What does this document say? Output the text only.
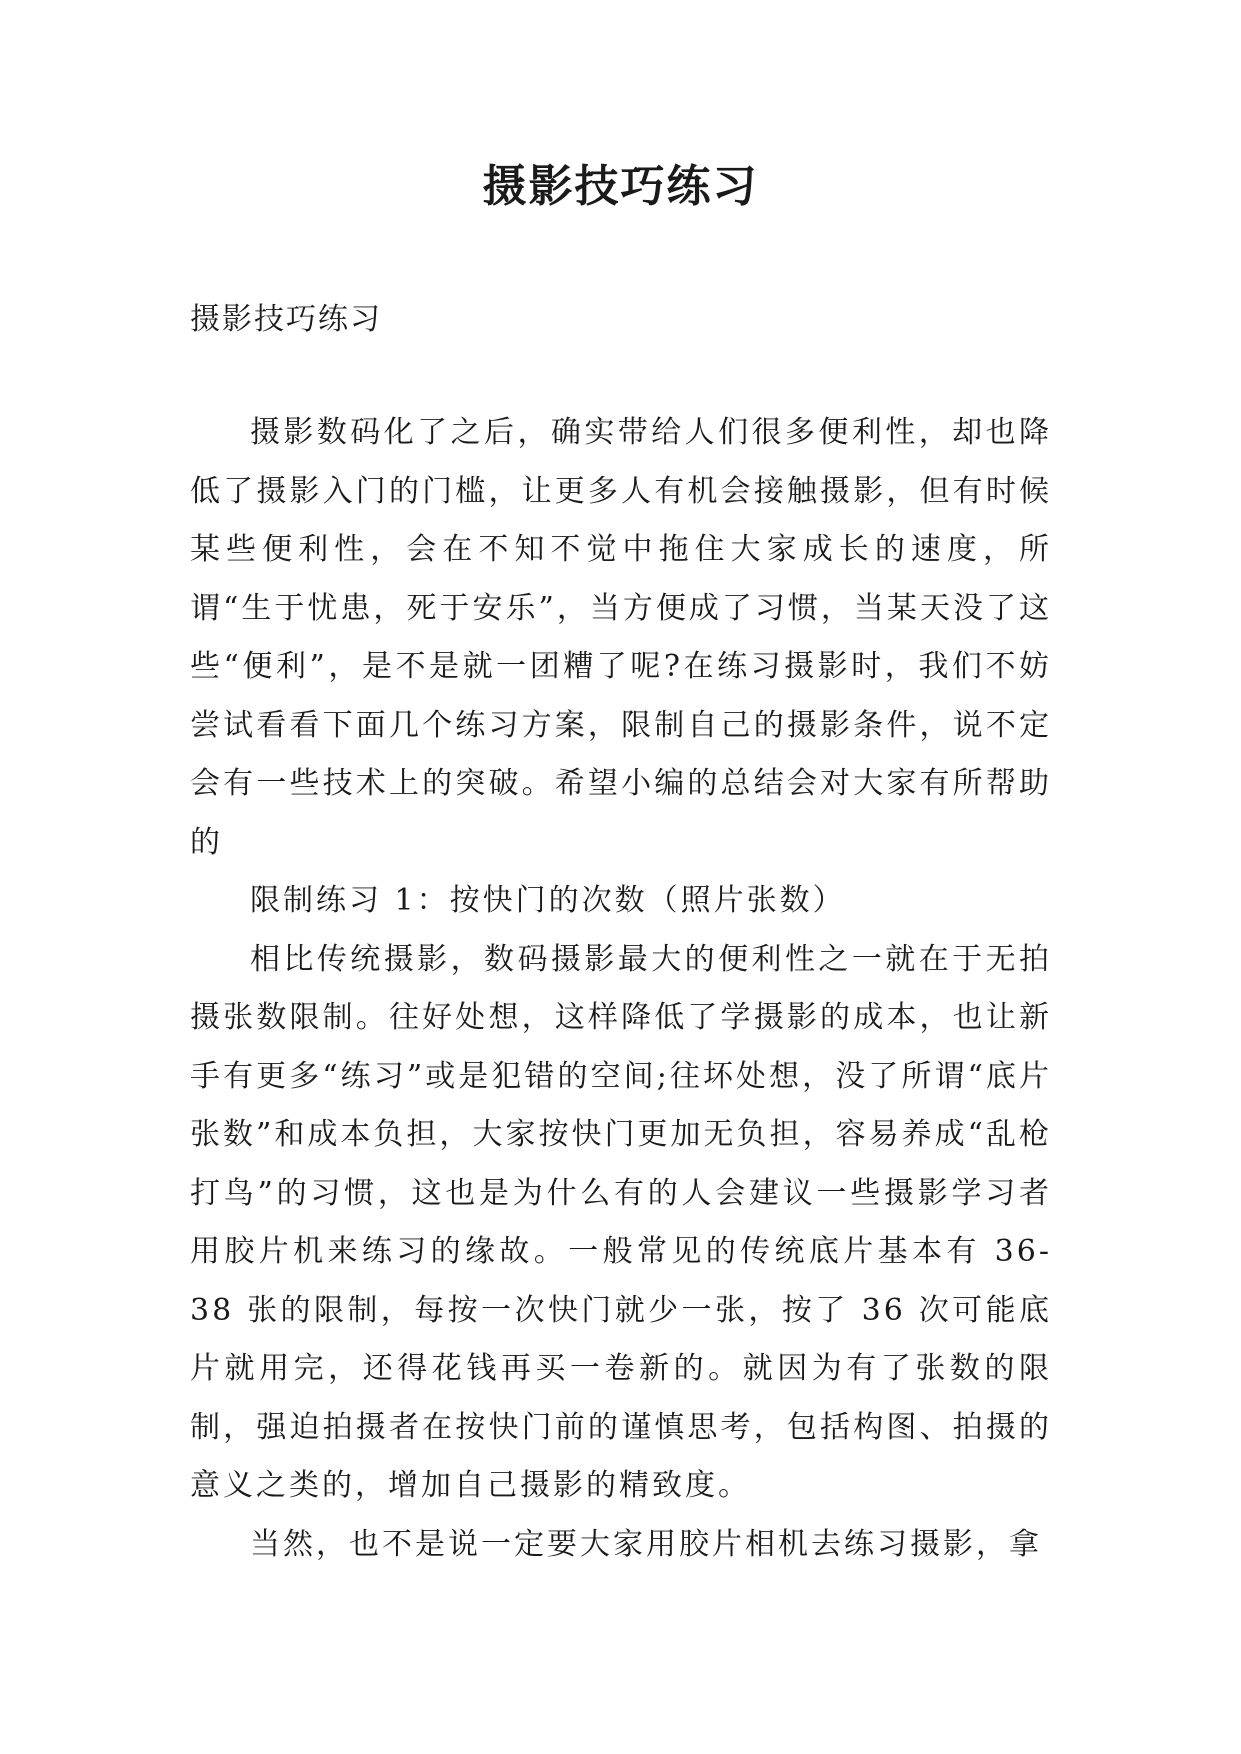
摄影技巧练习
摄影技巧练习

摄影数码化了之后，确实带给人们很多便利性，却也降低了摄影入门的门槛，让更多人有机会接触摄影，但有时候某些便利性，会在不知不觉中拖住大家成长的速度，所谓“生于忧患，死于安乐”，当方便成了习惯，当某天没了这些“便利”，是不是就一团糟了呢?在练习摄影时，我们不妨尝试看看下面几个练习方案，限制自己的摄影条件，说不定会有一些技术上的突破。希望小编的总结会对大家有所帮助的

限制练习 1：按快门的次数（照片张数）

相比传统摄影，数码摄影最大的便利性之一就在于无拍摄张数限制。往好处想，这样降低了学摄影的成本，也让新手有更多“练习”或是犯错的空间;往坏处想，没了所谓“底片张数”和成本负担，大家按快门更加无负担，容易养成“乱枪打鸟”的习惯，这也是为什么有的人会建议一些摄影学习者用胶片机来练习的缘故。一般常见的传统底片基本有 36-38 张的限制，每按一次快门就少一张，按了 36 次可能底片就用完，还得花钱再买一卷新的。就因为有了张数的限制，强迫拍摄者在按快门前的谨慎思考，包括构图、拍摄的意义之类的，增加自己摄影的精致度。

当然，也不是说一定要大家用胶片相机去练习摄影，拿
